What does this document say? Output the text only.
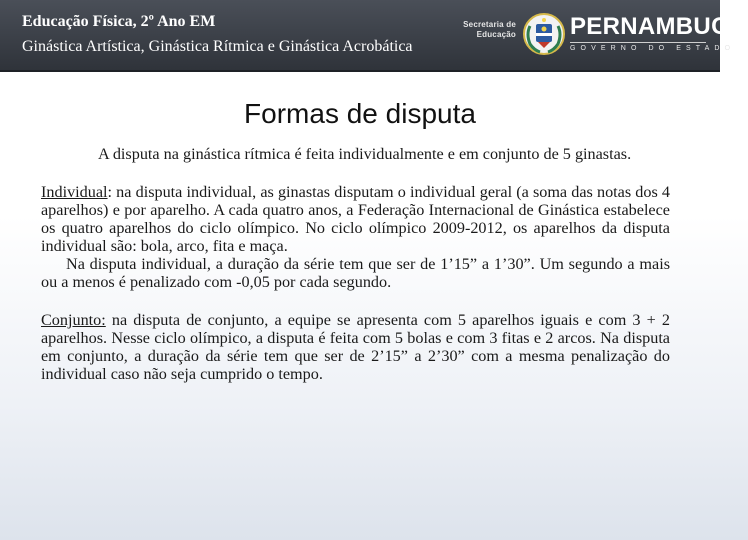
Educação Física, 2º Ano EM
Ginástica Artística, Ginástica Rítmica e Ginástica Acrobática
Secretaria de
Educação PERNAMBUCO
GOVERNO DO ESTADO
Formas de disputa

A disputa na ginástica rítmica é feita individualmente e em conjunto de 5 ginastas.

Individual: na disputa individual, as ginastas disputam o individual geral (a soma das notas dos 4 aparelhos) e por aparelho. A cada quatro anos, a Federação Internacional de Ginástica estabelece os quatro aparelhos do ciclo olímpico. No ciclo olímpico 2009-2012, os aparelhos da disputa individual são: bola, arco, fita e maça.

Na disputa individual, a duração da série tem que ser de 1’15” a 1’30”. Um segundo a mais ou a menos é penalizado com -0,05 por cada segundo.

Conjunto: na disputa de conjunto, a equipe se apresenta com 5 aparelhos iguais e com 3 + 2 aparelhos. Nesse ciclo olímpico, a disputa é feita com 5 bolas e com 3 fitas e 2 arcos. Na disputa em conjunto, a duração da série tem que ser de 2’15” a 2’30” com a mesma penalização do individual caso não seja cumprido o tempo.
